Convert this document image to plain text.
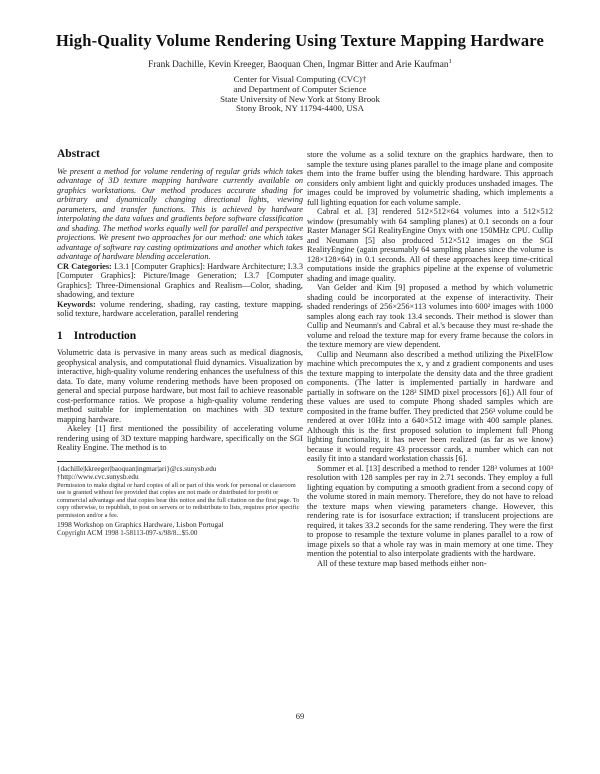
High-Quality Volume Rendering Using Texture Mapping Hardware
Frank Dachille, Kevin Kreeger, Baoquan Chen, Ingmar Bitter and Arie Kaufman$^1$
Center for Visual Computing (CVC)†
and Department of Computer Science
State University of New York at Stony Brook
Stony Brook, NY 11794-4400, USA
Abstract

We present a method for volume rendering of regular grids which takes advantage of 3D texture mapping hardware currently available on graphics workstations. Our method produces accurate shading for arbitrary and dynamically changing directional lights, viewing parameters, and transfer functions. This is achieved by hardware interpolating the data values and gradients before software classification and shading. The method works equally well for parallel and perspective projections. We present two approaches for our method: one which takes advantage of software ray casting optimizations and another which takes advantage of hardware blending acceleration.

CR Categories: I.3.1 [Computer Graphics]: Hardware Architecture; I.3.3 [Computer Graphics]: Picture/Image Generation; I.3.7 [Computer Graphics]: Three-Dimensional Graphics and Realism—Color, shading, shadowing, and texture

Keywords: volume rendering, shading, ray casting, texture mapping, solid texture, hardware acceleration, parallel rendering

1 Introduction

Volumetric data is pervasive in many areas such as medical diagnosis, geophysical analysis, and computational fluid dynamics. Visualization by interactive, high-quality volume rendering enhances the usefulness of this data. To date, many volume rendering methods have been proposed on general and special purpose hardware, but most fail to achieve reasonable cost-performance ratios. We propose a high-quality volume rendering method suitable for implementation on machines with 3D texture mapping hardware.

Akeley [1] first mentioned the possibility of accelerating volume rendering using of 3D texture mapping hardware, specifically on the SGI Reality Engine. The method is to

{dachille|kkreeger|baoquan|ingmar|ari}@cs.sunysb.edu
†http://www.cvc.sunysb.edu

Permission to make digital or hard copies of all or part of this work for personal or classroom use is granted without fee provided that copies are not made or distributed for profit or commercial advantage and that copies bear this notice and the full citation on the first page. To copy otherwise, to republish, to post on servers or to redistribute to lists, requires prior specific permission and/or a fee.

1998 Workshop on Graphics Hardware, Lisbon Portugal

Copyright ACM 1998 1-58113-097-x/98/8...$5.00

store the volume as a solid texture on the graphics hardware, then to sample the texture using planes parallel to the image plane and composite them into the frame buffer using the blending hardware. This approach considers only ambient light and quickly produces unshaded images. The images could be improved by volumetric shading, which implements a full lighting equation for each volume sample.

Cabral et al. [3] rendered 512×512×64 volumes into a 512×512 window (presumably with 64 sampling planes) at 0.1 seconds on a four Raster Manager SGI RealityEngine Onyx with one 150MHz CPU. Cullip and Neumann [5] also produced 512×512 images on the SGI RealityEngine (again presumably 64 sampling planes since the volume is 128×128×64) in 0.1 seconds. All of these approaches keep time-critical computations inside the graphics pipeline at the expense of volumetric shading and image quality.

Van Gelder and Kim [9] proposed a method by which volumetric shading could be incorporated at the expense of interactivity. Their shaded renderings of 256×256×113 volumes into 600² images with 1000 samples along each ray took 13.4 seconds. Their method is slower than Cullip and Neumann's and Cabral et al.'s because they must re-shade the volume and reload the texture map for every frame because the colors in the texture memory are view dependent.

Cullip and Neumann also described a method utilizing the PixelFlow machine which precomputes the x, y and z gradient components and uses the texture mapping to interpolate the density data and the three gradient components. (The latter is implemented partially in hardware and partially in software on the 128² SIMD pixel processors [6].) All four of these values are used to compute Phong shaded samples which are composited in the frame buffer. They predicted that 256³ volume could be rendered at over 10Hz into a 640×512 image with 400 sample planes. Although this is the first proposed solution to implement full Phong lighting functionality, it has never been realized (as far as we know) because it would require 43 processor cards, a number which can not easily fit into a standard workstation chassis [6].

Sommer et al. [13] described a method to render 128³ volumes at 100³ resolution with 128 samples per ray in 2.71 seconds. They employ a full lighting equation by computing a smooth gradient from a second copy of the volume stored in main memory. Therefore, they do not have to reload the texture maps when viewing parameters change. However, this rendering rate is for isosurface extraction; if translucent projections are required, it takes 33.2 seconds for the same rendering. They were the first to propose to resample the texture volume in planes parallel to a row of image pixels so that a whole ray was in main memory at one time. They mention the potential to also interpolate gradients with the hardware.

All of these texture map based methods either non-

69
